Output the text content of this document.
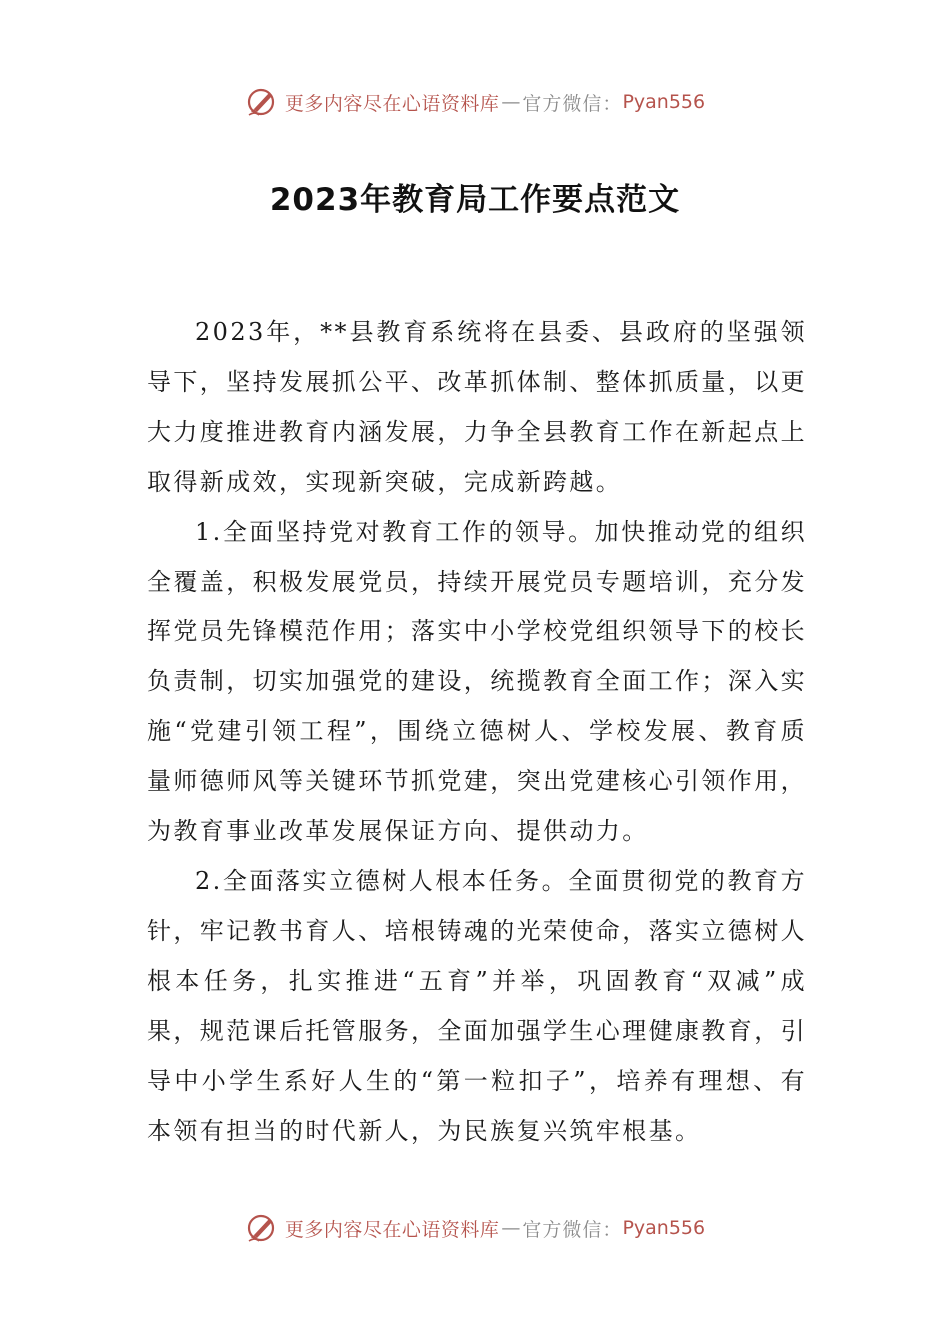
更多内容尽在心语资料库 — 官方微信： Pyan556
2023年教育局工作要点范文

2023年，**县教育系统将在县委、县政府的坚强领导下，坚持发展抓公平、改革抓体制、整体抓质量，以更大力度推进教育内涵发展，力争全县教育工作在新起点上取得新成效，实现新突破，完成新跨越。

1.全面坚持党对教育工作的领导。加快推动党的组织全覆盖，积极发展党员，持续开展党员专题培训，充分发挥党员先锋模范作用；落实中小学校党组织领导下的校长负责制，切实加强党的建设，统揽教育全面工作；深入实施“党建引领工程”，围绕立德树人、学校发展、教育质量师德师风等关键环节抓党建，突出党建核心引领作用，为教育事业改革发展保证方向、提供动力。

2.全面落实立德树人根本任务。全面贯彻党的教育方针，牢记教书育人、培根铸魂的光荣使命，落实立德树人根本任务，扎实推进“五育”并举，巩固教育“双减”成果，规范课后托管服务，全面加强学生心理健康教育，引导中小学生系好人生的“第一粒扣子”，培养有理想、有本领有担当的时代新人，为民族复兴筑牢根基。

更多内容尽在心语资料库 — 官方微信： Pyan556
